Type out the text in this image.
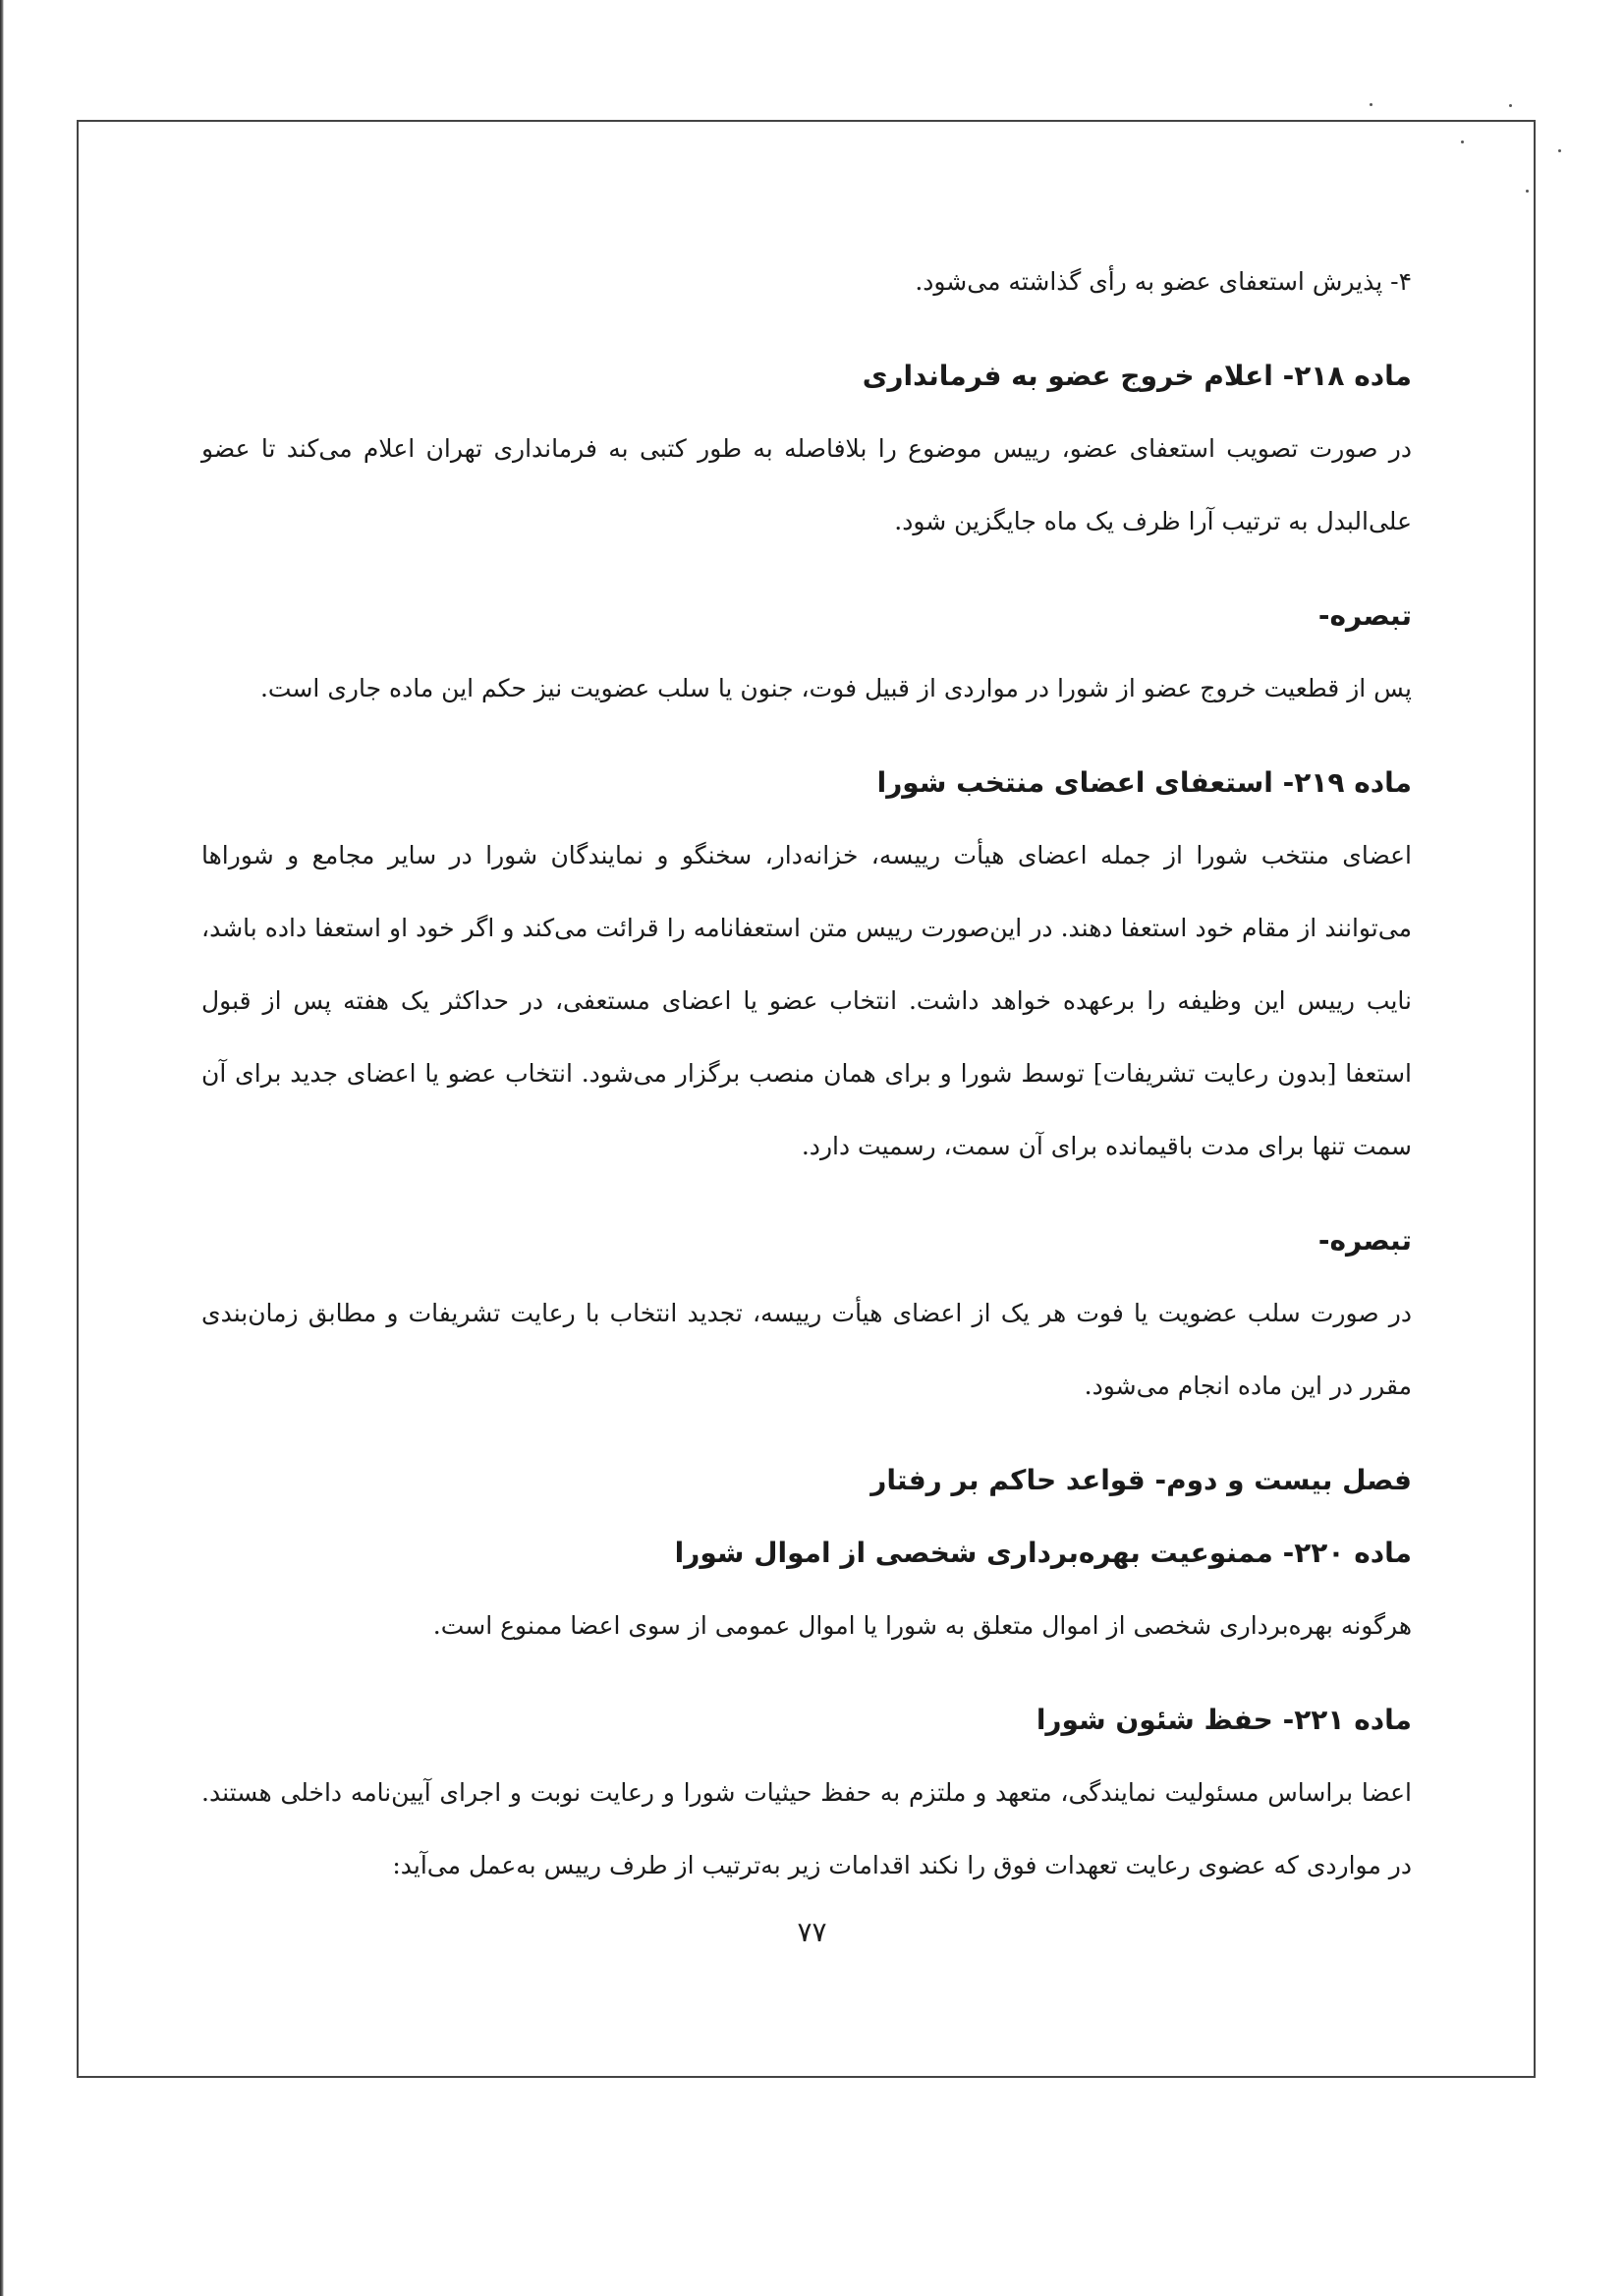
۴- پذیرش استعفای عضو به رأی گذاشته می‌شود.

ماده ۲۱۸- اعلام خروج عضو به فرمانداری

در صورت تصویب استعفای عضو، رییس موضوع را بلافاصله به طور کتبی به فرمانداری تهران اعلام می‌کند تا عضو علی‌البدل به ترتیب آرا ظرف یک ماه جایگزین شود.

تبصره-

پس از قطعیت خروج عضو از شورا در مواردی از قبیل فوت، جنون یا سلب عضویت نیز حکم این ماده جاری است.

ماده ۲۱۹- استعفای اعضای منتخب شورا

اعضای منتخب شورا از جمله اعضای هیأت رییسه، خزانه‌دار، سخنگو و نمایندگان شورا در سایر مجامع و شوراها می‌توانند از مقام خود استعفا دهند. در این‌صورت رییس متن استعفانامه را قرائت می‌کند و اگر خود او استعفا داده باشد، نایب رییس این وظیفه را برعهده خواهد داشت. انتخاب عضو یا اعضای مستعفی، در حداکثر یک هفته پس از قبول استعفا [بدون رعایت تشریفات] توسط شورا و برای همان منصب برگزار می‌شود. انتخاب عضو یا اعضای جدید برای آن سمت تنها برای مدت باقیمانده برای آن سمت، رسمیت دارد.

تبصره-

در صورت سلب عضویت یا فوت هر یک از اعضای هیأت رییسه، تجدید انتخاب با رعایت تشریفات و مطابق زمان‌بندی مقرر در این ماده انجام می‌شود.

فصل بیست و دوم- قواعد حاکم بر رفتار
ماده ۲۲۰- ممنوعیت بهره‌برداری شخصی از اموال شورا

هرگونه بهره‌برداری شخصی از اموال متعلق به شورا یا اموال عمومی از سوی اعضا ممنوع است.

ماده ۲۲۱- حفظ شئون شورا

اعضا براساس مسئولیت نمایندگی، متعهد و ملتزم به حفظ حیثیات شورا و رعایت نوبت و اجرای آیین‌نامه داخلی هستند. در مواردی که عضوی رعایت تعهدات فوق را نکند اقدامات زیر به‌ترتیب از طرف رییس به‌عمل می‌آید:

۷۷
